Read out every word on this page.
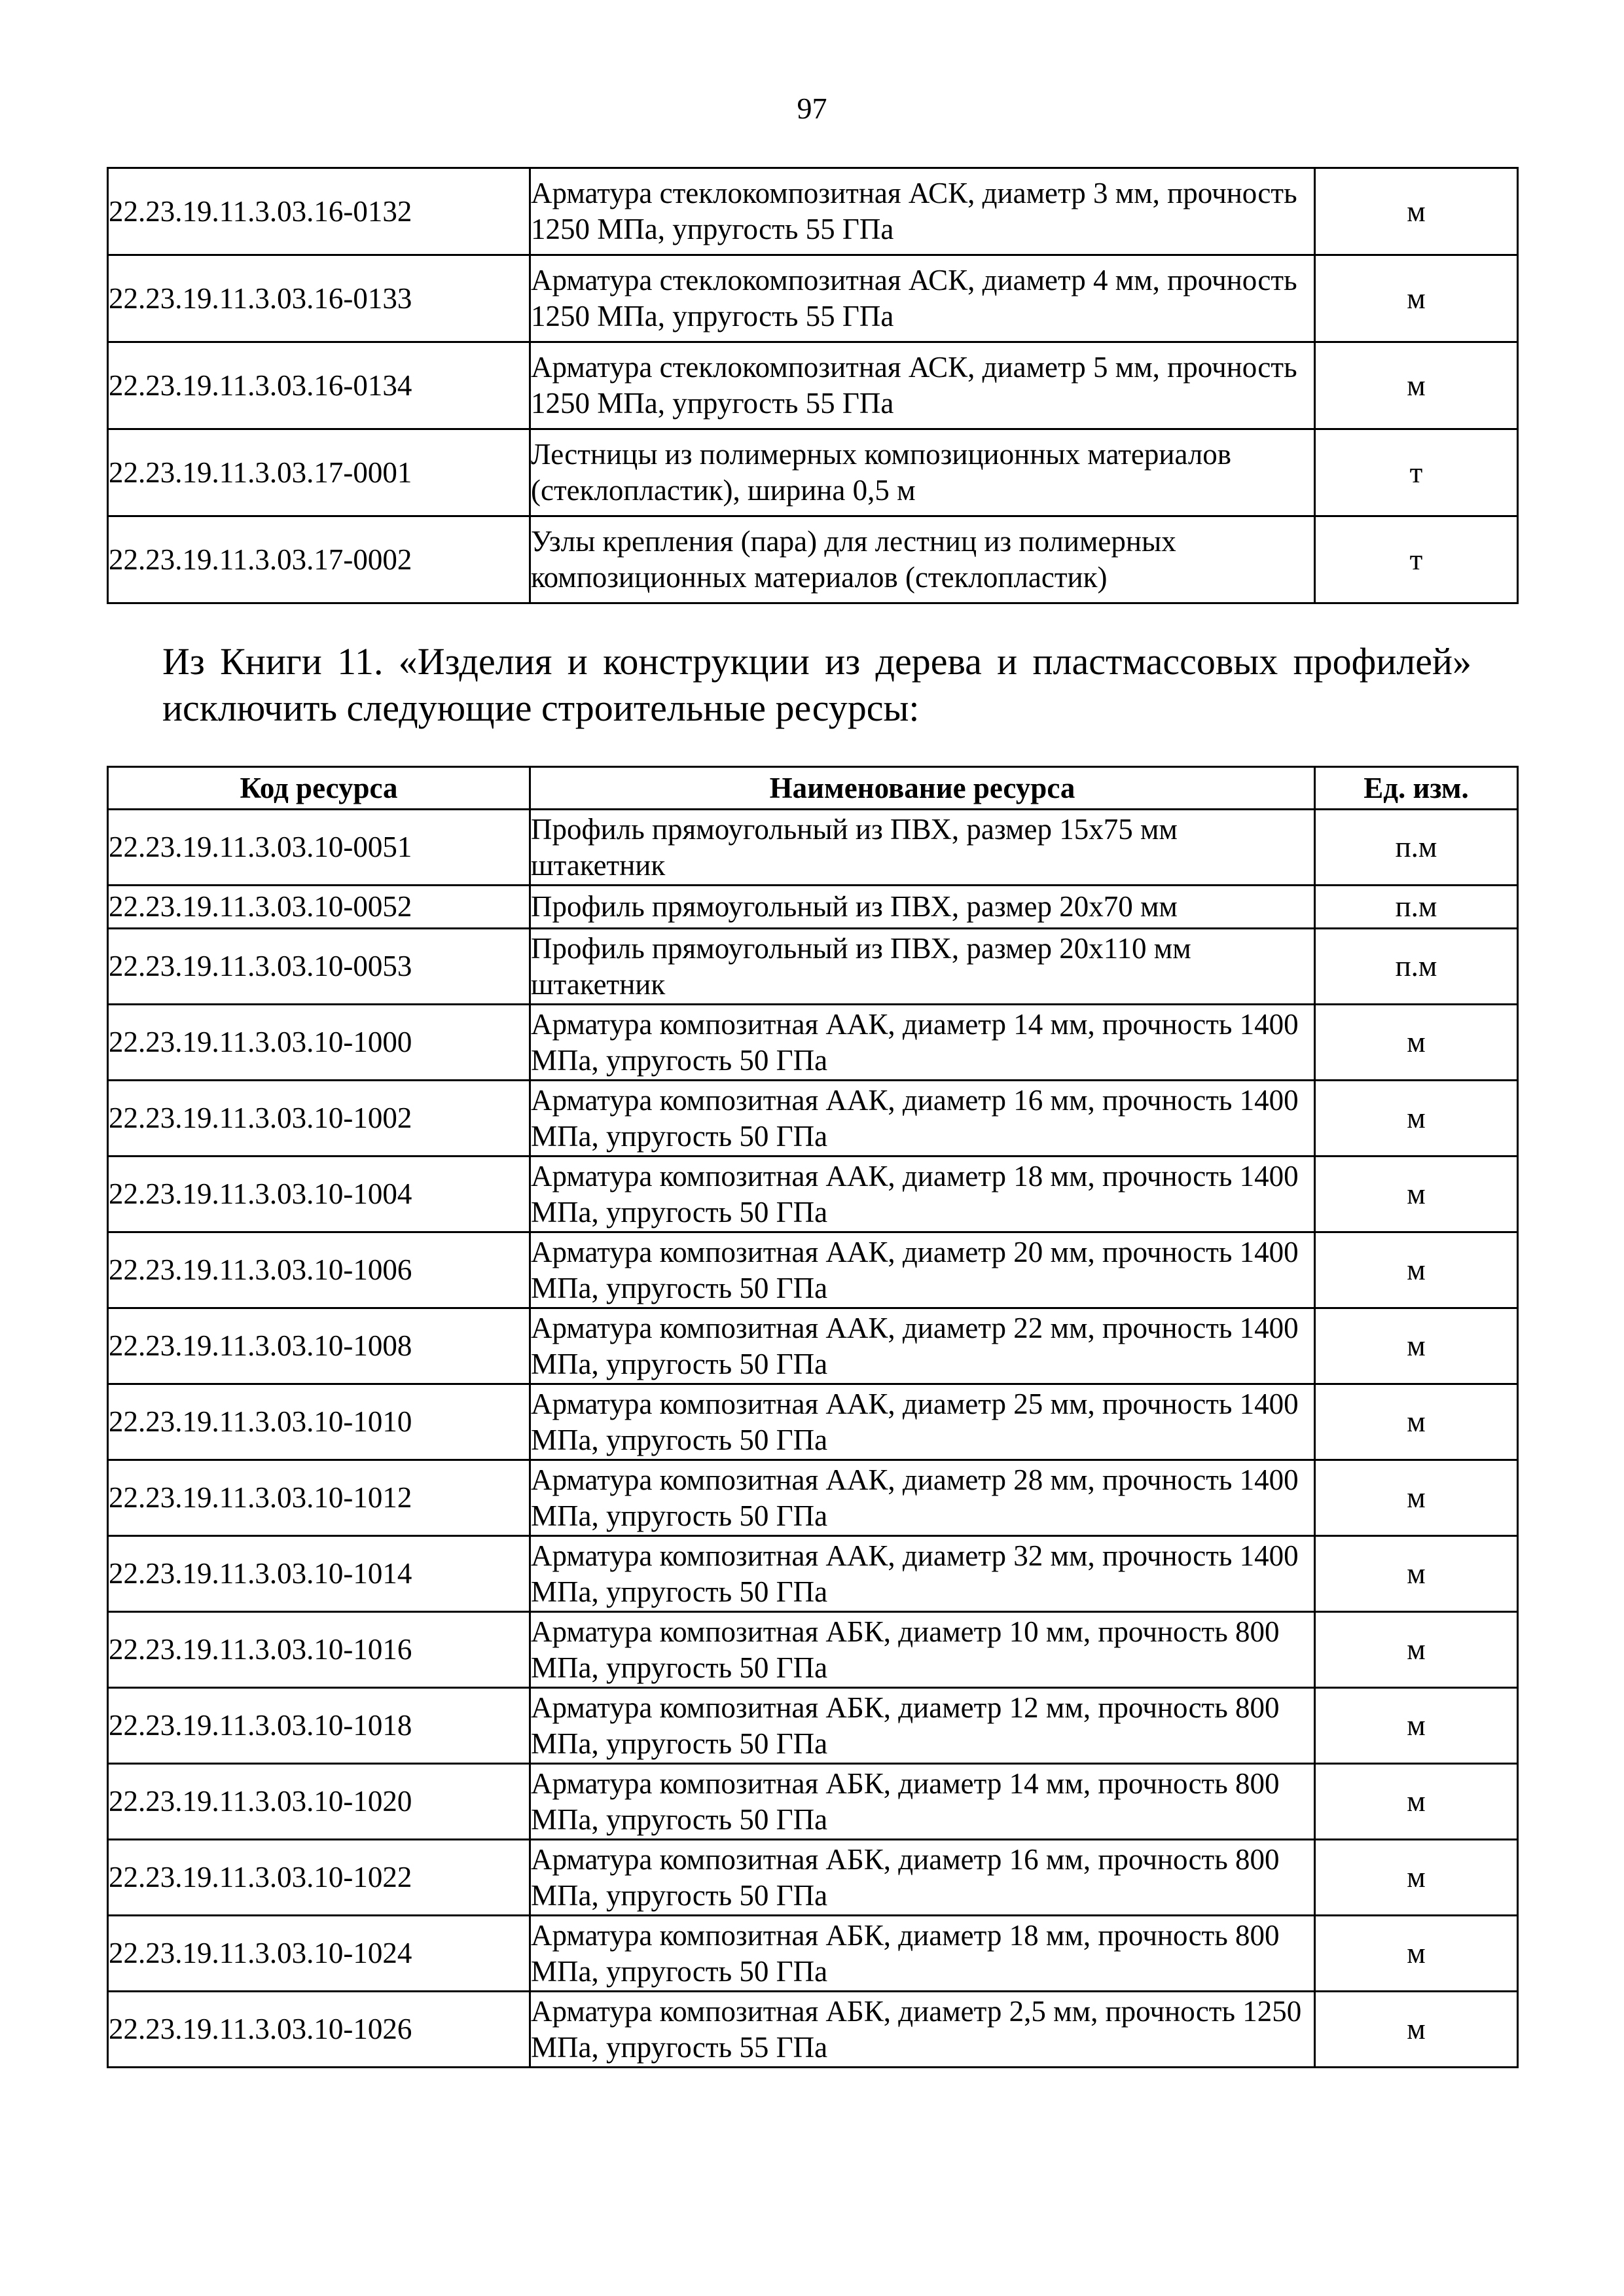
97
22.23.19.11.3.03.16-0132	Арматура стеклокомпозитная АСК, диаметр 3 мм, прочность 1250 МПа, упругость 55 ГПа	м
22.23.19.11.3.03.16-0133	Арматура стеклокомпозитная АСК, диаметр 4 мм, прочность 1250 МПа, упругость 55 ГПа	м
22.23.19.11.3.03.16-0134	Арматура стеклокомпозитная АСК, диаметр 5 мм, прочность 1250 МПа, упругость 55 ГПа	м
22.23.19.11.3.03.17-0001	Лестницы из полимерных композиционных материалов (стеклопластик), ширина 0,5 м	т
22.23.19.11.3.03.17-0002	Узлы крепления (пара) для лестниц из полимерных композиционных материалов (стеклопластик)	т
Из Книги 11. «Изделия и конструкции из дерева и пластмассовых профилей» исключить следующие строительные ресурсы:
Код ресурса	Наименование ресурса	Ед. изм.
22.23.19.11.3.03.10-0051	Профиль прямоугольный из ПВХ, размер 15x75 мм штакетник	п.м
22.23.19.11.3.03.10-0052	Профиль прямоугольный из ПВХ, размер 20x70 мм	п.м
22.23.19.11.3.03.10-0053	Профиль прямоугольный из ПВХ, размер 20x110 мм штакетник	п.м
22.23.19.11.3.03.10-1000	Арматура композитная ААК, диаметр 14 мм, прочность 1400 МПа, упругость 50 ГПа	м
22.23.19.11.3.03.10-1002	Арматура композитная ААК, диаметр 16 мм, прочность 1400 МПа, упругость 50 ГПа	м
22.23.19.11.3.03.10-1004	Арматура композитная ААК, диаметр 18 мм, прочность 1400 МПа, упругость 50 ГПа	м
22.23.19.11.3.03.10-1006	Арматура композитная ААК, диаметр 20 мм, прочность 1400 МПа, упругость 50 ГПа	м
22.23.19.11.3.03.10-1008	Арматура композитная ААК, диаметр 22 мм, прочность 1400 МПа, упругость 50 ГПа	м
22.23.19.11.3.03.10-1010	Арматура композитная ААК, диаметр 25 мм, прочность 1400 МПа, упругость 50 ГПа	м
22.23.19.11.3.03.10-1012	Арматура композитная ААК, диаметр 28 мм, прочность 1400 МПа, упругость 50 ГПа	м
22.23.19.11.3.03.10-1014	Арматура композитная ААК, диаметр 32 мм, прочность 1400 МПа, упругость 50 ГПа	м
22.23.19.11.3.03.10-1016	Арматура композитная АБК, диаметр 10 мм, прочность 800 МПа, упругость 50 ГПа	м
22.23.19.11.3.03.10-1018	Арматура композитная АБК, диаметр 12 мм, прочность 800 МПа, упругость 50 ГПа	м
22.23.19.11.3.03.10-1020	Арматура композитная АБК, диаметр 14 мм, прочность 800 МПа, упругость 50 ГПа	м
22.23.19.11.3.03.10-1022	Арматура композитная АБК, диаметр 16 мм, прочность 800 МПа, упругость 50 ГПа	м
22.23.19.11.3.03.10-1024	Арматура композитная АБК, диаметр 18 мм, прочность 800 МПа, упругость 50 ГПа	м
22.23.19.11.3.03.10-1026	Арматура композитная АБК, диаметр 2,5 мм, прочность 1250 МПа, упругость 55 ГПа	м
